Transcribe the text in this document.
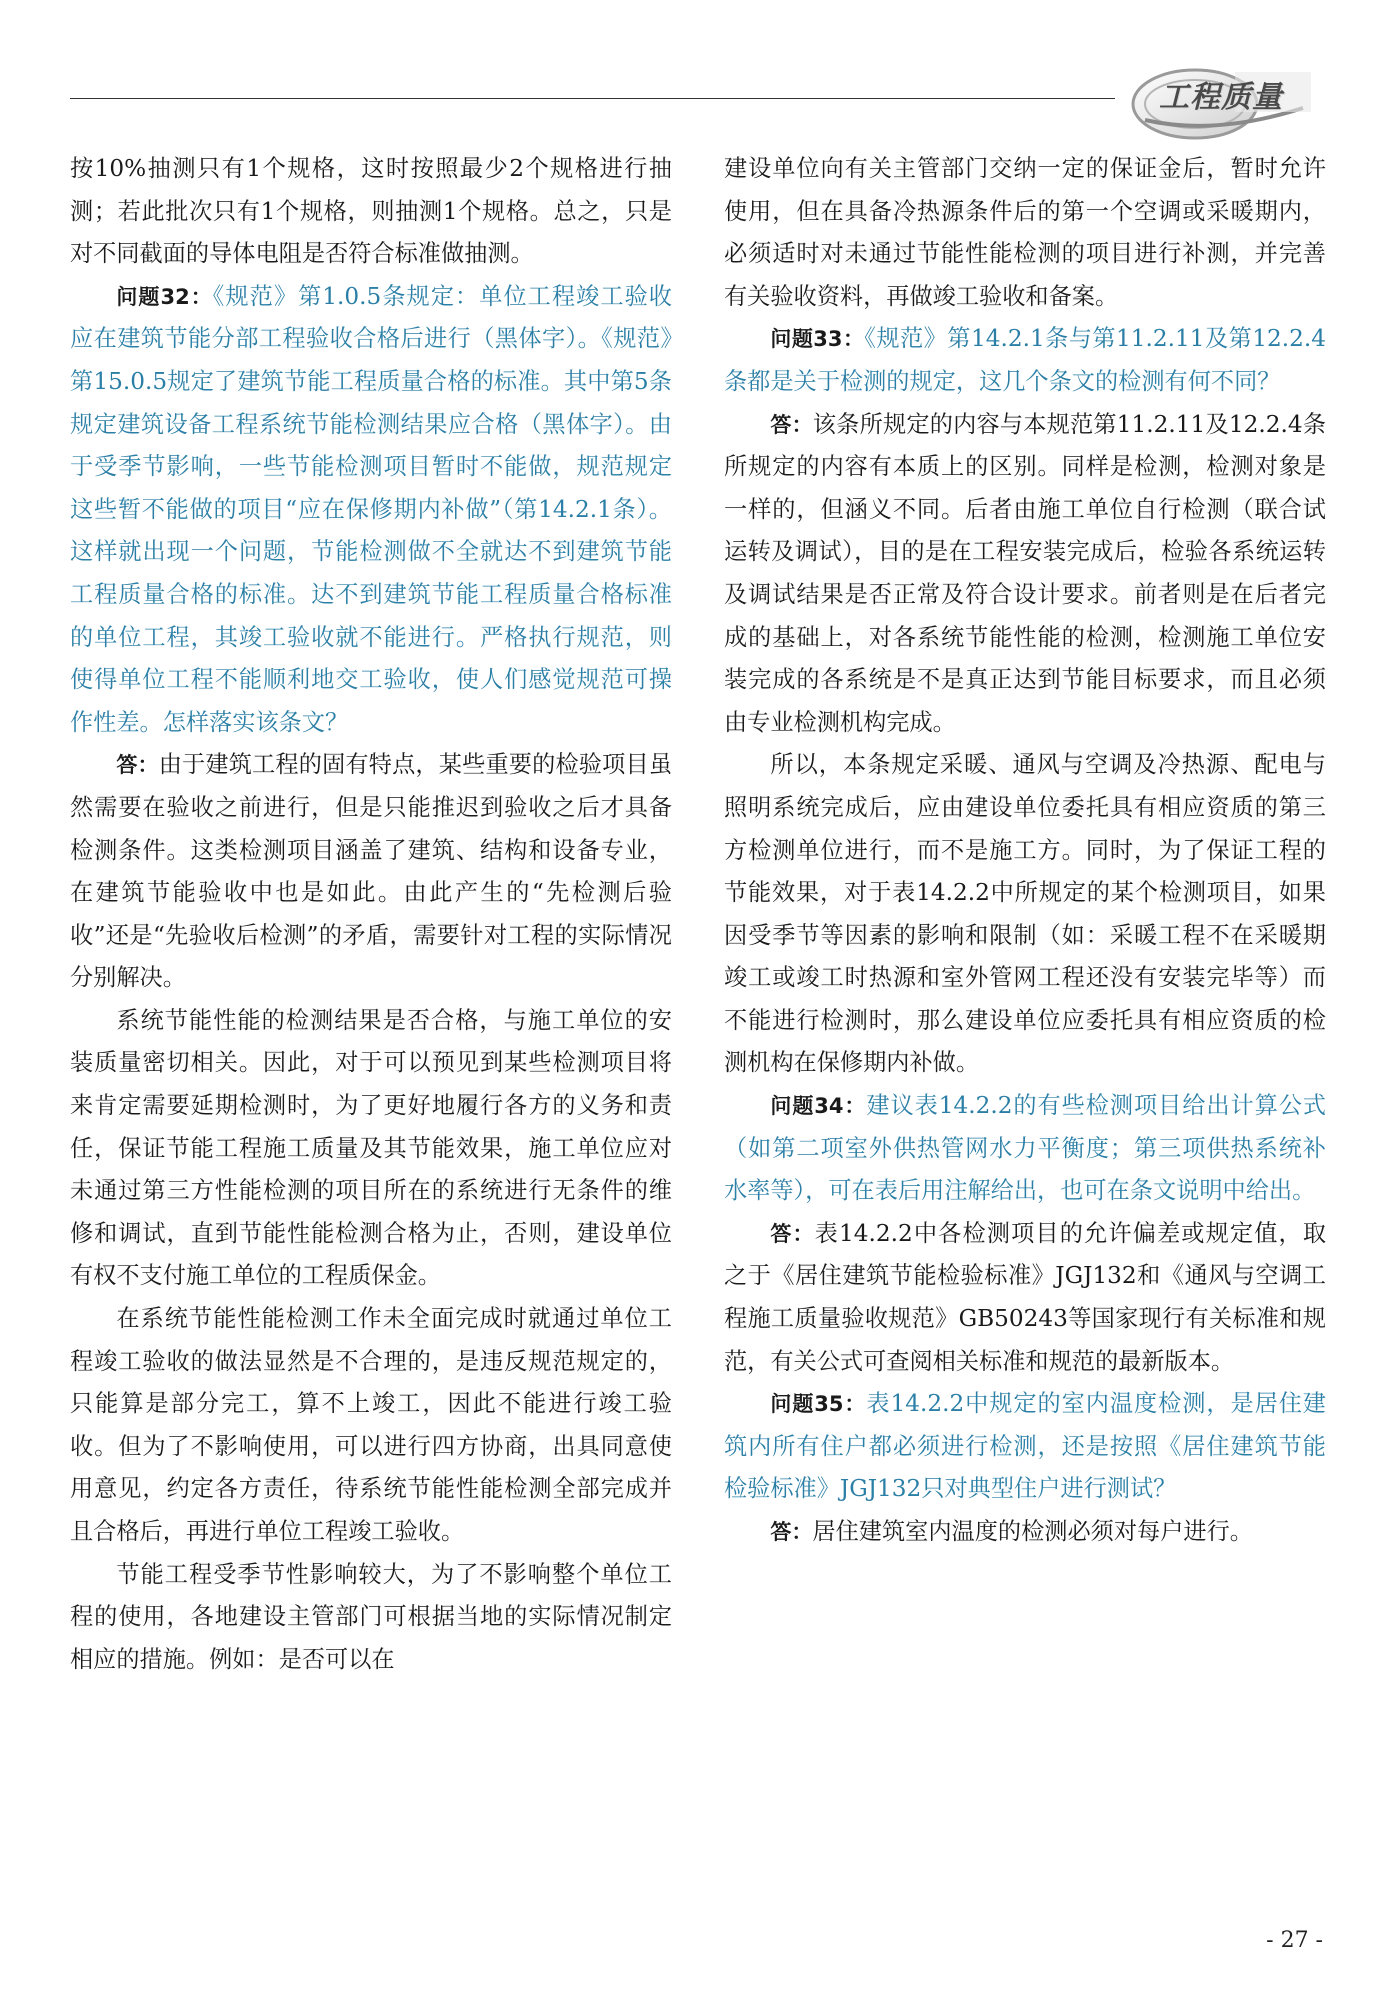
工程质量

按10%抽测只有1个规格，这时按照最少2个规格进行抽测；若此批次只有1个规格，则抽测1个规格。总之，只是对不同截面的导体电阻是否符合标准做抽测。

问题32：《规范》第1.0.5条规定：单位工程竣工验收应在建筑节能分部工程验收合格后进行（黑体字）。《规范》第15.0.5规定了建筑节能工程质量合格的标准。其中第5条规定建筑设备工程系统节能检测结果应合格（黑体字）。由于受季节影响，一些节能检测项目暂时不能做，规范规定这些暂不能做的项目“应在保修期内补做”（第14.2.1条）。这样就出现一个问题，节能检测做不全就达不到建筑节能工程质量合格的标准。达不到建筑节能工程质量合格标准的单位工程，其竣工验收就不能进行。严格执行规范，则使得单位工程不能顺利地交工验收，使人们感觉规范可操作性差。怎样落实该条文？

答：由于建筑工程的固有特点，某些重要的检验项目虽然需要在验收之前进行，但是只能推迟到验收之后才具备检测条件。这类检测项目涵盖了建筑、结构和设备专业，在建筑节能验收中也是如此。由此产生的“先检测后验收”还是“先验收后检测”的矛盾，需要针对工程的实际情况分别解决。

系统节能性能的检测结果是否合格，与施工单位的安装质量密切相关。因此，对于可以预见到某些检测项目将来肯定需要延期检测时，为了更好地履行各方的义务和责任，保证节能工程施工质量及其节能效果，施工单位应对未通过第三方性能检测的项目所在的系统进行无条件的维修和调试，直到节能性能检测合格为止，否则，建设单位有权不支付施工单位的工程质保金。

在系统节能性能检测工作未全面完成时就通过单位工程竣工验收的做法显然是不合理的，是违反规范规定的，只能算是部分完工，算不上竣工，因此不能进行竣工验收。但为了不影响使用，可以进行四方协商，出具同意使用意见，约定各方责任，待系统节能性能检测全部完成并且合格后，再进行单位工程竣工验收。

节能工程受季节性影响较大，为了不影响整个单位工程的使用，各地建设主管部门可根据当地的实际情况制定相应的措施。例如：是否可以在

建设单位向有关主管部门交纳一定的保证金后，暂时允许使用，但在具备冷热源条件后的第一个空调或采暖期内，必须适时对未通过节能性能检测的项目进行补测，并完善有关验收资料，再做竣工验收和备案。

问题33：《规范》第14.2.1条与第11.2.11及第12.2.4条都是关于检测的规定，这几个条文的检测有何不同？

答：该条所规定的内容与本规范第11.2.11及12.2.4条所规定的内容有本质上的区别。同样是检测，检测对象是一样的，但涵义不同。后者由施工单位自行检测（联合试运转及调试），目的是在工程安装完成后，检验各系统运转及调试结果是否正常及符合设计要求。前者则是在后者完成的基础上，对各系统节能性能的检测，检测施工单位安装完成的各系统是不是真正达到节能目标要求，而且必须由专业检测机构完成。

所以，本条规定采暖、通风与空调及冷热源、配电与照明系统完成后，应由建设单位委托具有相应资质的第三方检测单位进行，而不是施工方。同时，为了保证工程的节能效果，对于表14.2.2中所规定的某个检测项目，如果因受季节等因素的影响和限制（如：采暖工程不在采暖期竣工或竣工时热源和室外管网工程还没有安装完毕等）而不能进行检测时，那么建设单位应委托具有相应资质的检测机构在保修期内补做。

问题34：建议表14.2.2的有些检测项目给出计算公式（如第二项室外供热管网水力平衡度；第三项供热系统补水率等），可在表后用注解给出，也可在条文说明中给出。

答：表14.2.2中各检测项目的允许偏差或规定值，取之于《居住建筑节能检验标准》JGJ132和《通风与空调工程施工质量验收规范》GB50243等国家现行有关标准和规范，有关公式可查阅相关标准和规范的最新版本。

问题35：表14.2.2中规定的室内温度检测，是居住建筑内所有住户都必须进行检测，还是按照《居住建筑节能检验标准》JGJ132只对典型住户进行测试？

答：居住建筑室内温度的检测必须对每户进行。

- 27 -
